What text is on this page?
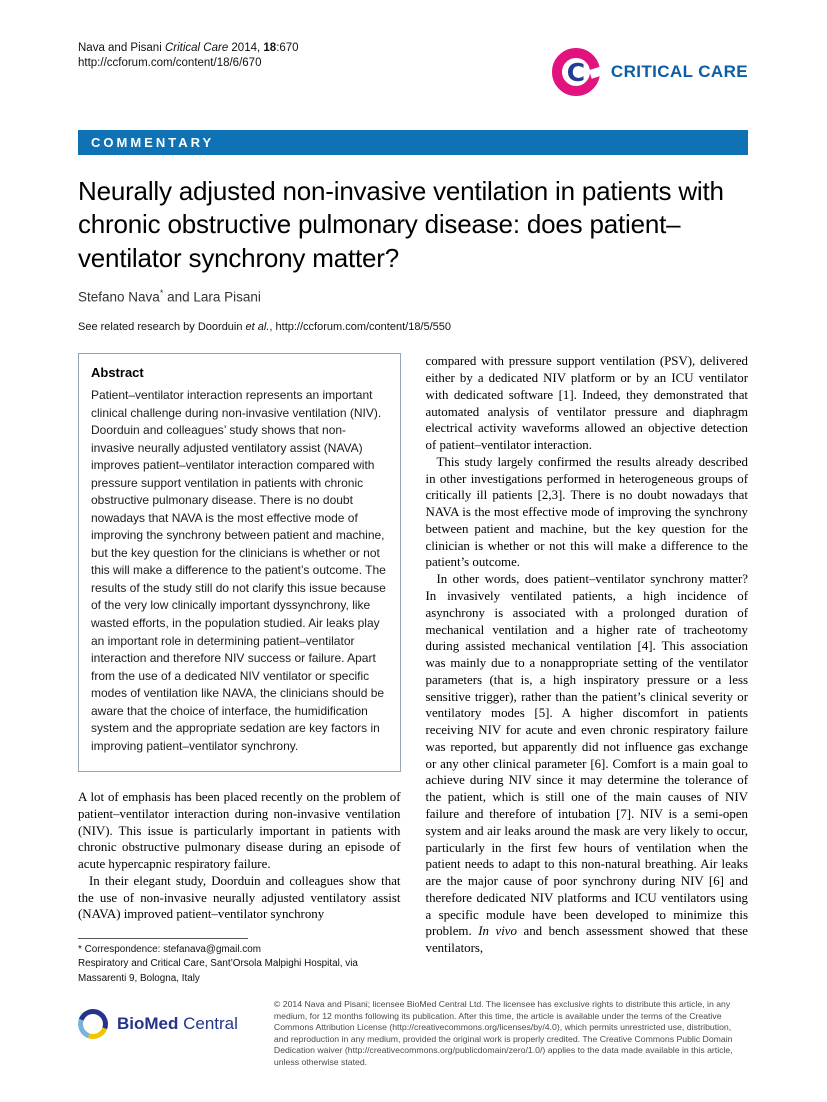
Nava and Pisani Critical Care 2014, 18:670
http://ccforum.com/content/18/6/670	C	CRITICAL CARE
COMMENTARY
Neurally adjusted non-invasive ventilation in patients with chronic obstructive pulmonary disease: does patient–ventilator synchrony matter?
Stefano Nava* and Lara Pisani
See related research by Doorduin et al., http://ccforum.com/content/18/5/550
Abstract

Patient–ventilator interaction represents an important clinical challenge during non-invasive ventilation (NIV). Doorduin and colleagues’ study shows that non-invasive neurally adjusted ventilatory assist (NAVA) improves patient–ventilator interaction compared with pressure support ventilation in patients with chronic obstructive pulmonary disease. There is no doubt nowadays that NAVA is the most effective mode of improving the synchrony between patient and machine, but the key question for the clinicians is whether or not this will make a difference to the patient’s outcome. The results of the study still do not clarify this issue because of the very low clinically important dyssynchrony, like wasted efforts, in the population studied. Air leaks play an important role in determining patient–ventilator interaction and therefore NIV success or failure. Apart from the use of a dedicated NIV ventilator or specific modes of ventilation like NAVA, the clinicians should be aware that the choice of interface, the humidification system and the appropriate sedation are key factors in improving patient–ventilator synchrony.

A lot of emphasis has been placed recently on the problem of patient–ventilator interaction during non-invasive ventilation (NIV). This issue is particularly important in patients with chronic obstructive pulmonary disease during an episode of acute hypercapnic respiratory failure.

In their elegant study, Doorduin and colleagues show that the use of non-invasive neurally adjusted ventilatory assist (NAVA) improved patient–ventilator synchrony

* Correspondence: stefanava@gmail.com
Respiratory and Critical Care, Sant’Orsola Malpighi Hospital, via Massarenti 9, Bologna, Italy

compared with pressure support ventilation (PSV), delivered either by a dedicated NIV platform or by an ICU ventilator with dedicated software [1]. Indeed, they demonstrated that automated analysis of ventilator pressure and diaphragm electrical activity waveforms allowed an objective detection of patient–ventilator interaction.

This study largely confirmed the results already described in other investigations performed in heterogeneous groups of critically ill patients [2,3]. There is no doubt nowadays that NAVA is the most effective mode of improving the synchrony between patient and machine, but the key question for the clinician is whether or not this will make a difference to the patient’s outcome.

In other words, does patient–ventilator synchrony matter? In invasively ventilated patients, a high incidence of asynchrony is associated with a prolonged duration of mechanical ventilation and a higher rate of tracheotomy during assisted mechanical ventilation [4]. This association was mainly due to a nonappropriate setting of the ventilator parameters (that is, a high inspiratory pressure or a less sensitive trigger), rather than the patient’s clinical severity or ventilatory modes [5]. A higher discomfort in patients receiving NIV for acute and even chronic respiratory failure was reported, but apparently did not influence gas exchange or any other clinical parameter [6]. Comfort is a main goal to achieve during NIV since it may determine the tolerance of the patient, which is still one of the main causes of NIV failure and therefore of intubation [7]. NIV is a semi-open system and air leaks around the mask are very likely to occur, particularly in the first few hours of ventilation when the patient needs to adapt to this non-natural breathing. Air leaks are the major cause of poor synchrony during NIV [6] and therefore dedicated NIV platforms and ICU ventilators using a specific module have been developed to minimize this problem. In vivo and bench assessment showed that these ventilators,

BioMed Central
© 2014 Nava and Pisani; licensee BioMed Central Ltd. The licensee has exclusive rights to distribute this article, in any medium, for 12 months following its publication. After this time, the article is available under the terms of the Creative Commons Attribution License (http://creativecommons.org/licenses/by/4.0), which permits unrestricted use, distribution, and reproduction in any medium, provided the original work is properly credited. The Creative Commons Public Domain Dedication waiver (http://creativecommons.org/publicdomain/zero/1.0/) applies to the data made available in this article, unless otherwise stated.
